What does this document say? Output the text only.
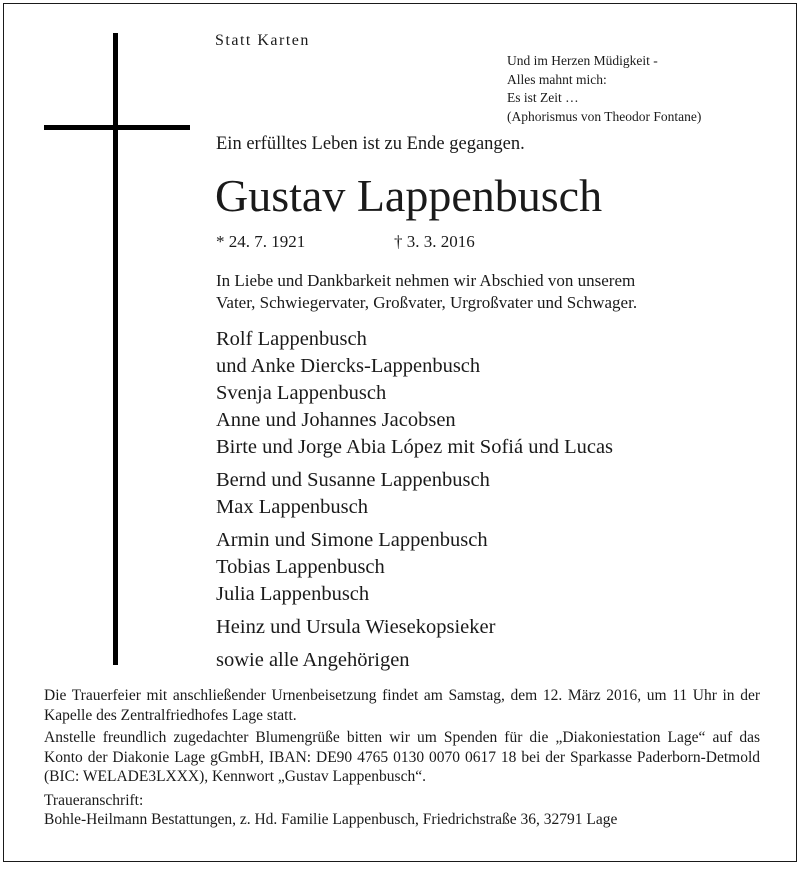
Statt Karten
Und im Herzen Müdigkeit -
Alles mahnt mich:
Es ist Zeit …
(Aphorismus von Theodor Fontane)
Ein erfülltes Leben ist zu Ende gegangen.
Gustav Lappenbusch
* 24. 7. 1921	† 3. 3. 2016
In Liebe und Dankbarkeit nehmen wir Abschied von unserem
Vater, Schwiegervater, Großvater, Urgroßvater und Schwager.
Rolf Lappenbusch
und Anke Diercks-Lappenbusch
Svenja Lappenbusch
Anne und Johannes Jacobsen
Birte und Jorge Abia López mit Sofiá und Lucas
Bernd und Susanne Lappenbusch
Max Lappenbusch
Armin und Simone Lappenbusch
Tobias Lappenbusch
Julia Lappenbusch
Heinz und Ursula Wiesekopsieker
sowie alle Angehörigen
Die Trauerfeier mit anschließender Urnenbeisetzung findet am Samstag, dem 12. März 2016, um 11 Uhr in der Kapelle des Zentralfriedhofes Lage statt.
Anstelle freundlich zugedachter Blumengrüße bitten wir um Spenden für die „Diakoniestation Lage“ auf das Konto der Diakonie Lage gGmbH, IBAN: DE90 4765 0130 0070 0617 18 bei der Sparkasse Paderborn-Detmold (BIC: WELADE3LXXX), Kennwort „Gustav Lappenbusch“.
Traueranschrift:
Bohle-Heilmann Bestattungen, z. Hd. Familie Lappenbusch, Friedrichstraße 36, 32791 Lage
